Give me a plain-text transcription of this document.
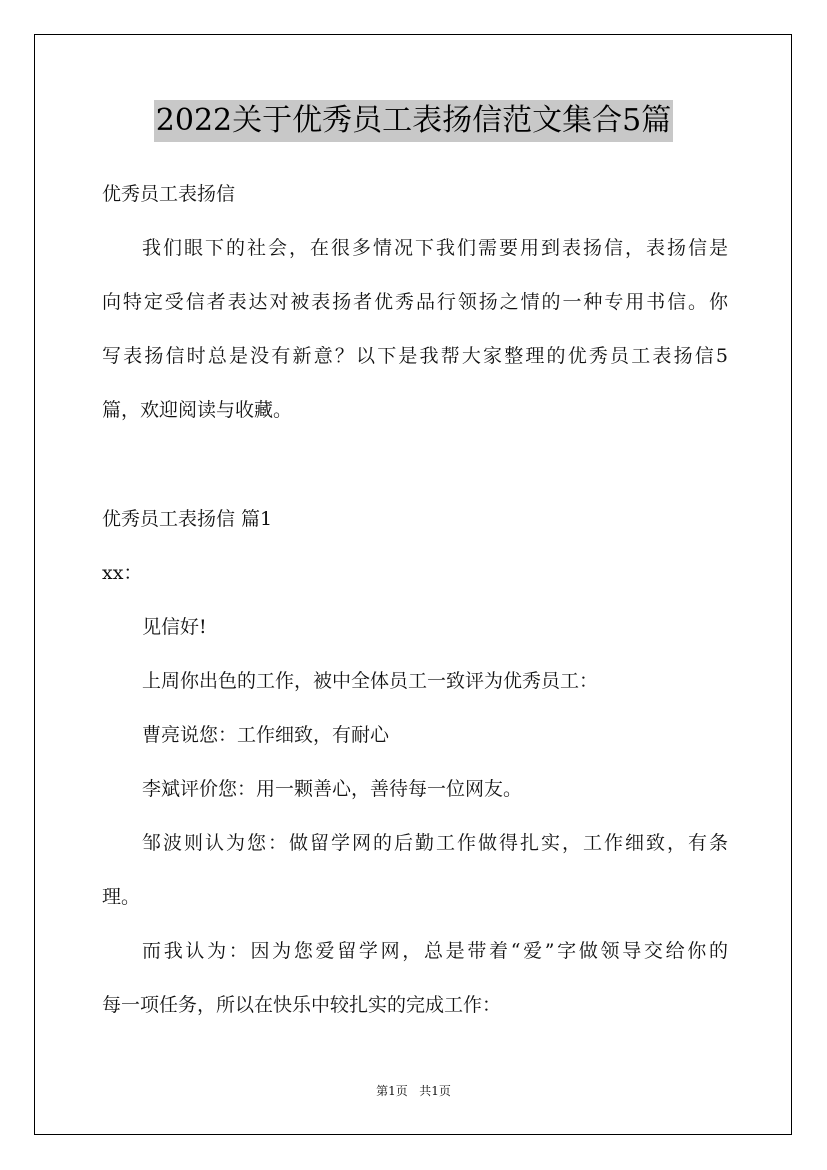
2022关于优秀员工表扬信范文集合5篇
优秀员工表扬信
我们眼下的社会，在很多情况下我们需要用到表扬信，表扬信是
向特定受信者表达对被表扬者优秀品行领扬之情的一种专用书信。你
写表扬信时总是没有新意？以下是我帮大家整理的优秀员工表扬信5
篇，欢迎阅读与收藏。
优秀员工表扬信 篇1
xx：
见信好!
上周你出色的工作，被中全体员工一致评为优秀员工：
曹亮说您：工作细致，有耐心
李斌评价您：用一颗善心，善待每一位网友。
邹波则认为您：做留学网的后勤工作做得扎实，工作细致，有条
理。
而我认为：因为您爱留学网，总是带着“爱”字做领导交给你的
每一项任务，所以在快乐中较扎实的完成工作：
第1页 共1页
